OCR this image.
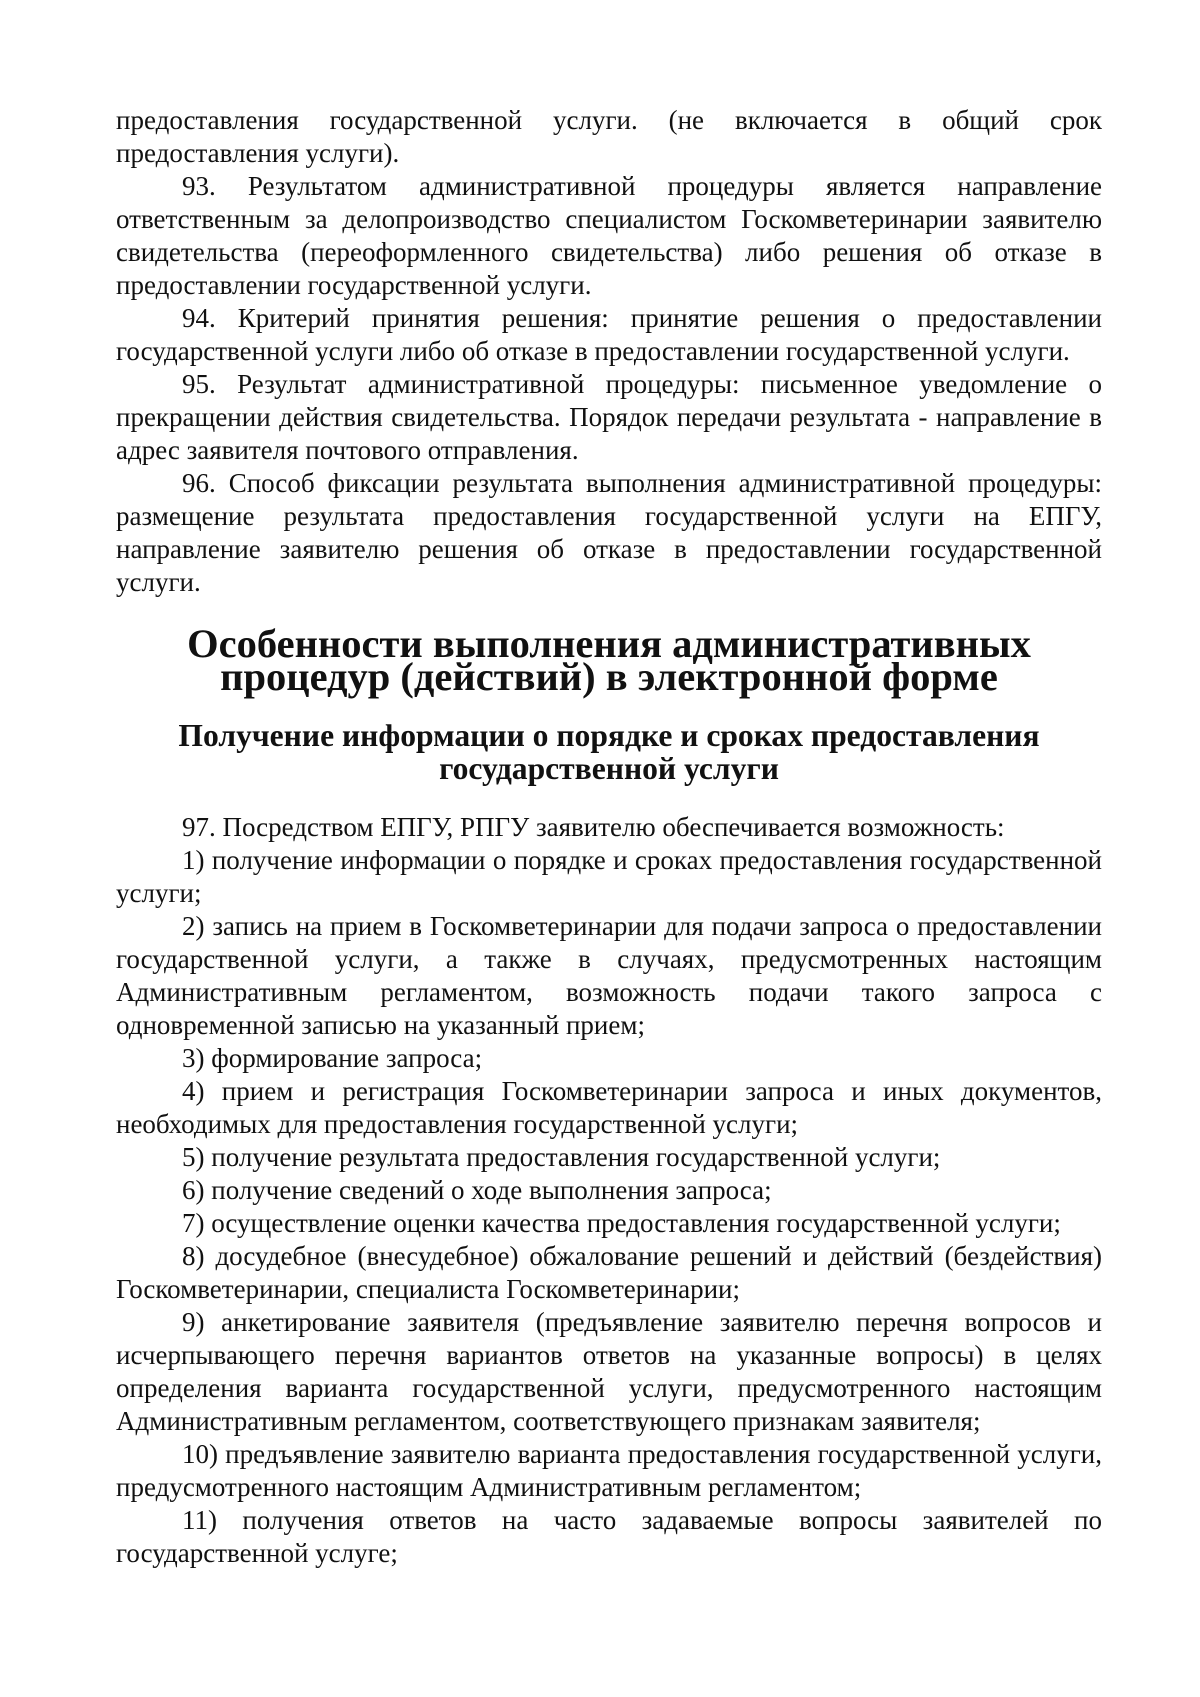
предоставления государственной услуги. (не включается в общий срок предоставления услуги).

93. Результатом административной процедуры является направление ответственным за делопроизводство специалистом Госкомветеринарии заявителю свидетельства (переоформленного свидетельства) либо решения об отказе в предоставлении государственной услуги.

94. Критерий принятия решения: принятие решения о предоставлении государственной услуги либо об отказе в предоставлении государственной услуги.

95. Результат административной процедуры: письменное уведомление о прекращении действия свидетельства. Порядок передачи результата - направление в адрес заявителя почтового отправления.

96. Способ фиксации результата выполнения административной процедуры: размещение результата предоставления государственной услуги на ЕПГУ, направление заявителю решения об отказе в предоставлении государственной услуги.

Особенности выполнения административных процедур (действий) в электронной форме
Получение информации о порядке и сроках предоставления государственной услуги

97. Посредством ЕПГУ, РПГУ заявителю обеспечивается возможность:

1) получение информации о порядке и сроках предоставления государственной услуги;

2) запись на прием в Госкомветеринарии для подачи запроса о предоставлении государственной услуги, а также в случаях, предусмотренных настоящим Административным регламентом, возможность подачи такого запроса с одновременной записью на указанный прием;

3) формирование запроса;

4) прием и регистрация Госкомветеринарии запроса и иных документов, необходимых для предоставления государственной услуги;

5) получение результата предоставления государственной услуги;

6) получение сведений о ходе выполнения запроса;

7) осуществление оценки качества предоставления государственной услуги;

8) досудебное (внесудебное) обжалование решений и действий (бездействия) Госкомветеринарии, специалиста Госкомветеринарии;

9) анкетирование заявителя (предъявление заявителю перечня вопросов и исчерпывающего перечня вариантов ответов на указанные вопросы) в целях определения варианта государственной услуги, предусмотренного настоящим Административным регламентом, соответствующего признакам заявителя;

10) предъявление заявителю варианта предоставления государственной услуги, предусмотренного настоящим Административным регламентом;

11) получения ответов на часто задаваемые вопросы заявителей по государственной услуге;
